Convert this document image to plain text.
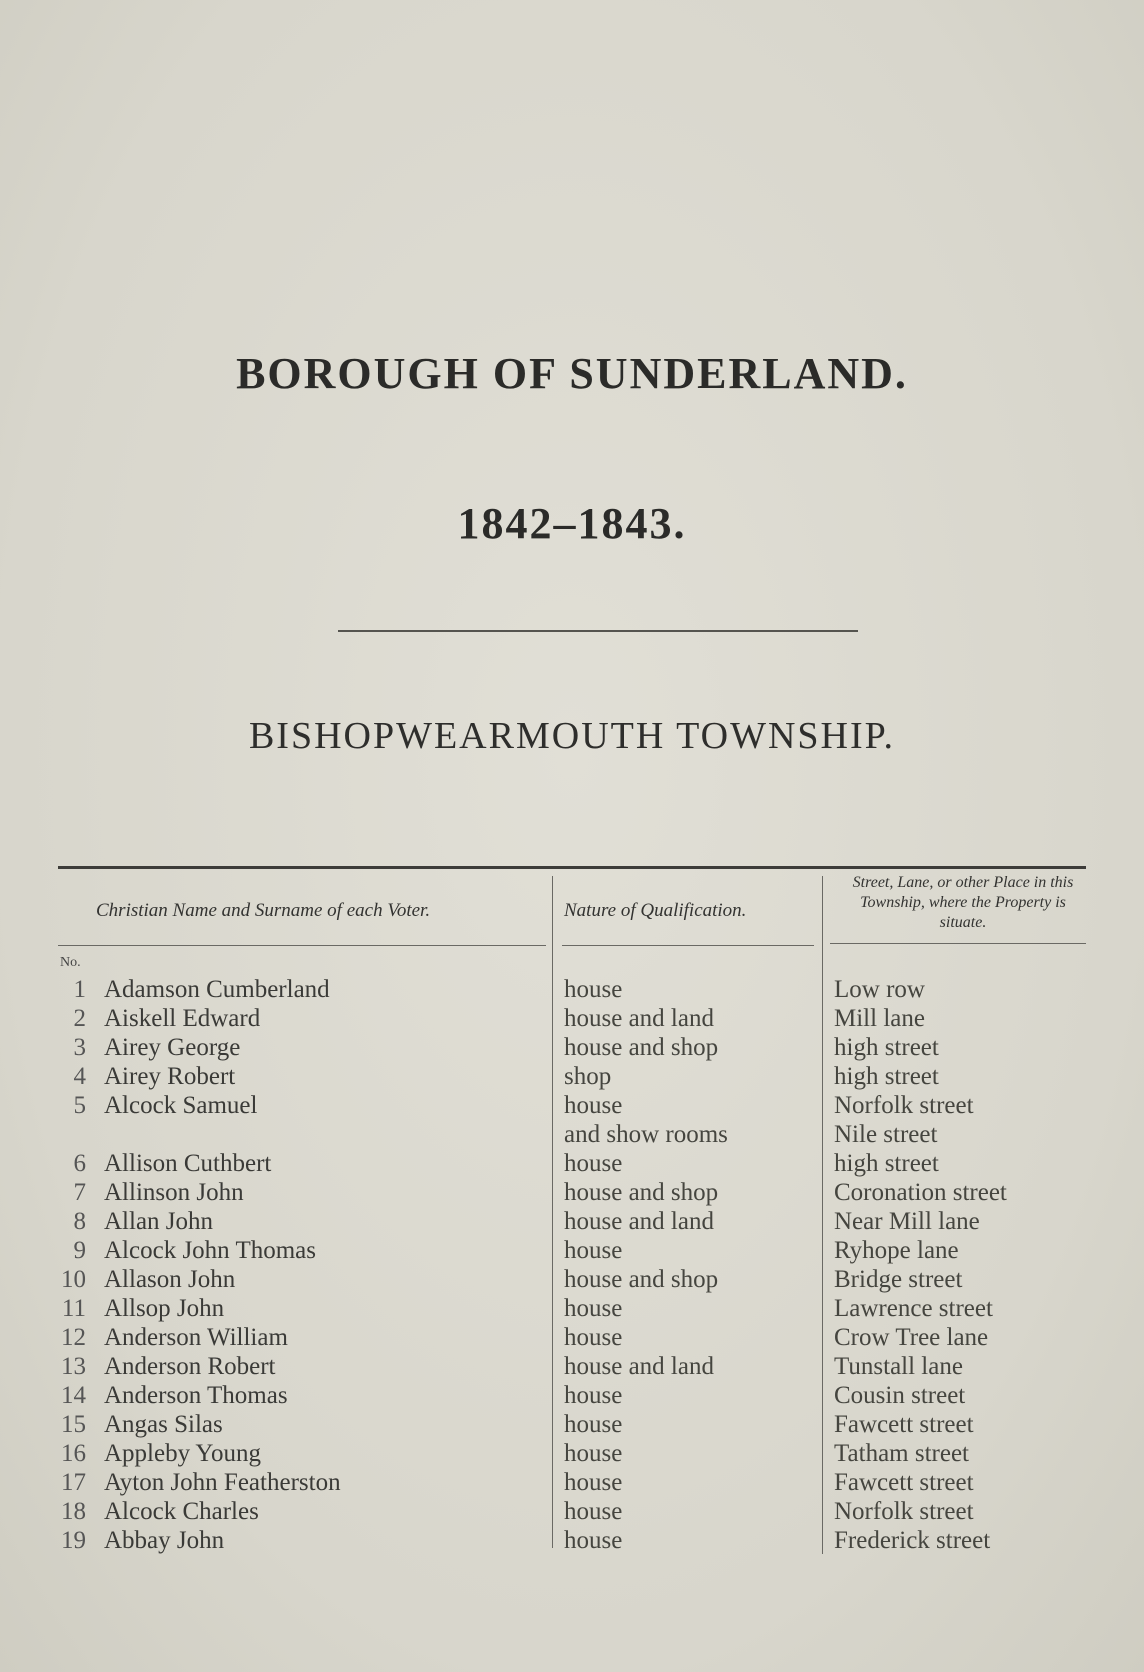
BOROUGH OF SUNDERLAND.
1842–1843.
BISHOPWEARMOUTH TOWNSHIP.
Christian Name and Surname of each Voter.	Nature of Qualification.
Street, Lane, or other Place in this Township, where the Property is situate.
No.
1 Adamson Cumberland	house	Low row
2 Aiskell Edward	house and land	Mill lane
3 Airey George	house and shop	high street
4 Airey Robert	shop	high street
5 Alcock Samuel	house	Norfolk street
and show rooms	Nile street
6 Allison Cuthbert	house	high street
7 Allinson John	house and shop	Coronation street
8 Allan John	house and land	Near Mill lane
9 Alcock John Thomas	house	Ryhope lane
10 Allason John	house and shop	Bridge street
11 Allsop John	house	Lawrence street
12 Anderson William	house	Crow Tree lane
13 Anderson Robert	house and land	Tunstall lane
14 Anderson Thomas	house	Cousin street
15 Angas Silas	house	Fawcett street
16 Appleby Young	house	Tatham street
17 Ayton John Featherston	house	Fawcett street
18 Alcock Charles	house	Norfolk street
19 Abbay John	house	Frederick street
